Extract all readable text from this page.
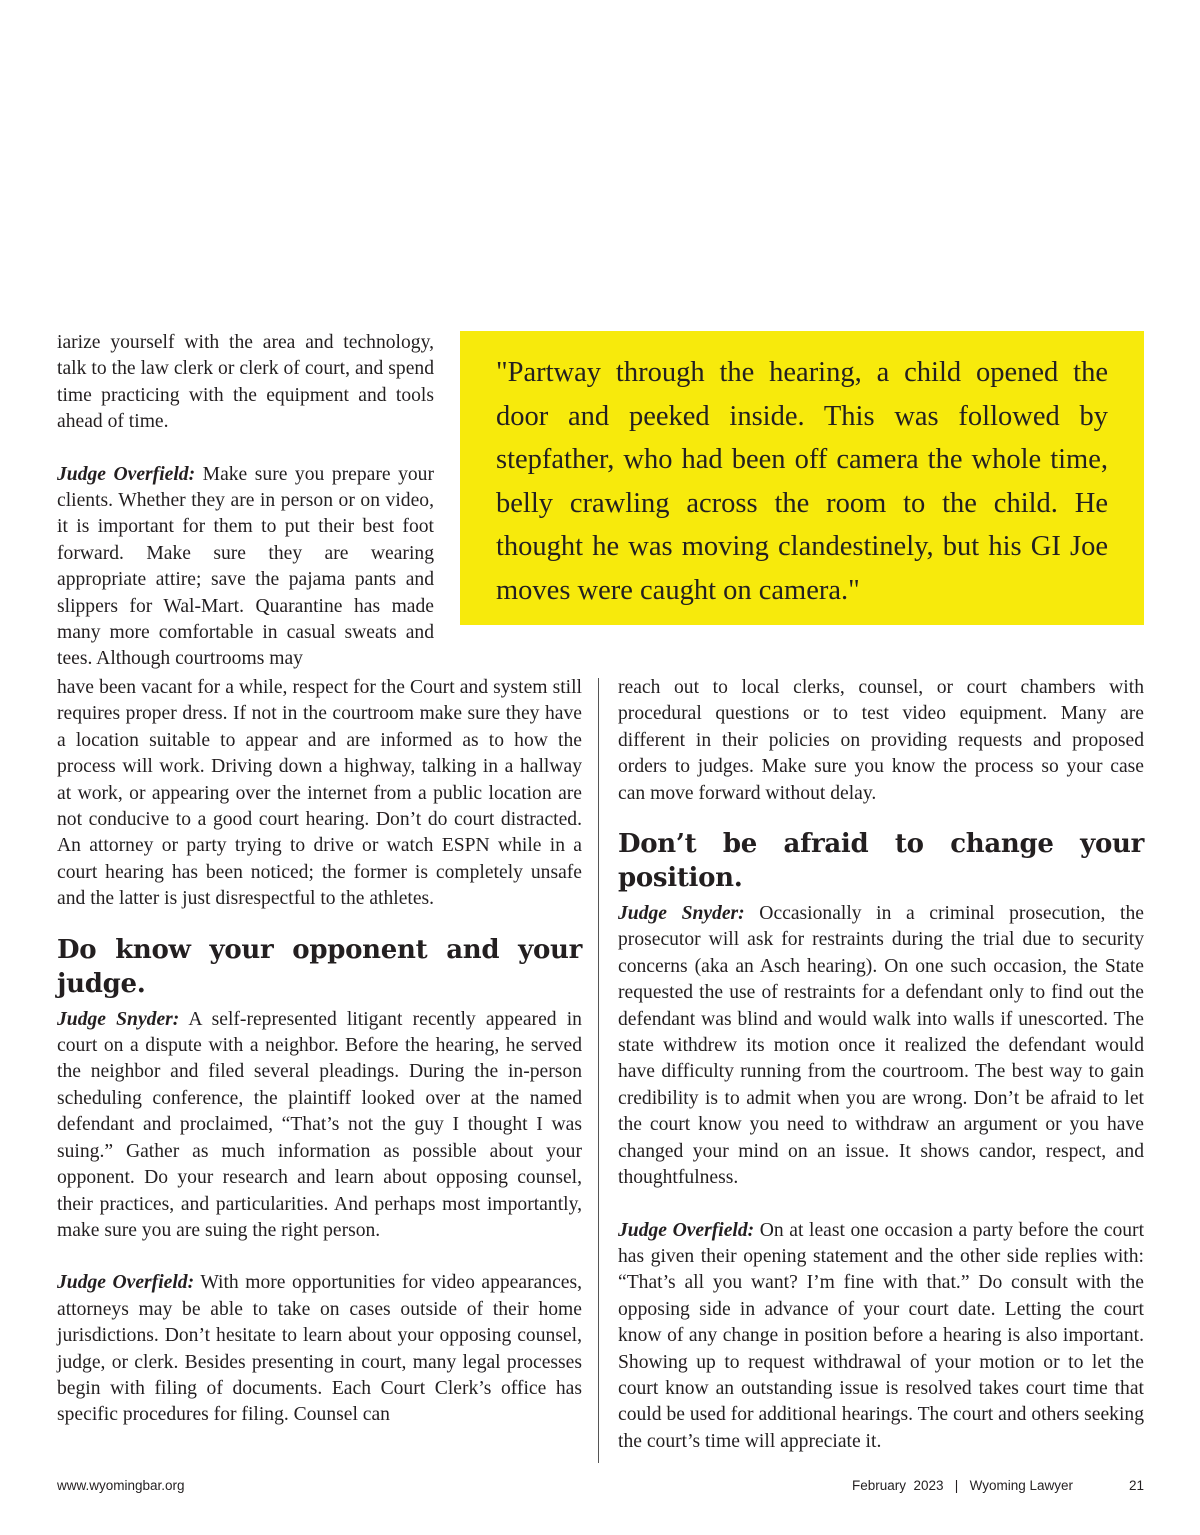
"Partway through the hearing, a child opened the door and peeked inside. This was followed by stepfather, who had been off camera the whole time, belly crawling across the room to the child. He thought he was moving clandestinely, but his GI Joe moves were caught on camera."

iarize yourself with the area and technology, talk to the law clerk or clerk of court, and spend time practicing with the equipment and tools ahead of time.

Judge Overfield: Make sure you prepare your clients. Whether they are in person or on video, it is important for them to put their best foot forward. Make sure they are wearing appropriate attire; save the pajama pants and slippers for Wal-Mart. Quarantine has made many more comfortable in casual sweats and tees. Although courtrooms may

have been vacant for a while, respect for the Court and system still requires proper dress. If not in the courtroom make sure they have a location suitable to appear and are informed as to how the process will work. Driving down a highway, talking in a hallway at work, or appearing over the internet from a public location are not conducive to a good court hearing. Don’t do court distracted. An attorney or party trying to drive or watch ESPN while in a court hearing has been noticed; the former is completely unsafe and the latter is just disrespectful to the athletes.

Do know your opponent and your judge.

Judge Snyder: A self-represented litigant recently appeared in court on a dispute with a neighbor. Before the hearing, he served the neighbor and filed several pleadings. During the in-person scheduling conference, the plaintiff looked over at the named defendant and proclaimed, “That’s not the guy I thought I was suing.” Gather as much information as possible about your opponent. Do your research and learn about opposing counsel, their practices, and particularities. And perhaps most importantly, make sure you are suing the right person.

Judge Overfield: With more opportunities for video appearances, attorneys may be able to take on cases outside of their home jurisdictions. Don’t hesitate to learn about your opposing counsel, judge, or clerk. Besides presenting in court, many legal processes begin with filing of documents. Each Court Clerk’s office has specific procedures for filing. Counsel can

reach out to local clerks, counsel, or court chambers with procedural questions or to test video equipment. Many are different in their policies on providing requests and proposed orders to judges. Make sure you know the process so your case can move forward without delay.

Don’t be afraid to change your position.

Judge Snyder: Occasionally in a criminal prosecution, the prosecutor will ask for restraints during the trial due to security concerns (aka an Asch hearing). On one such occasion, the State requested the use of restraints for a defendant only to find out the defendant was blind and would walk into walls if unescorted. The state withdrew its motion once it realized the defendant would have difficulty running from the courtroom. The best way to gain credibility is to admit when you are wrong. Don’t be afraid to let the court know you need to withdraw an argument or you have changed your mind on an issue. It shows candor, respect, and thoughtfulness.

Judge Overfield: On at least one occasion a party before the court has given their opening statement and the other side replies with: “That’s all you want? I’m fine with that.” Do consult with the opposing side in advance of your court date. Letting the court know of any change in position before a hearing is also important. Showing up to request withdrawal of your motion or to let the court know an outstanding issue is resolved takes court time that could be used for additional hearings. The court and others seeking the court’s time will appreciate it.

www.wyomingbar.org	February  2023   |   Wyoming Lawyer	21
